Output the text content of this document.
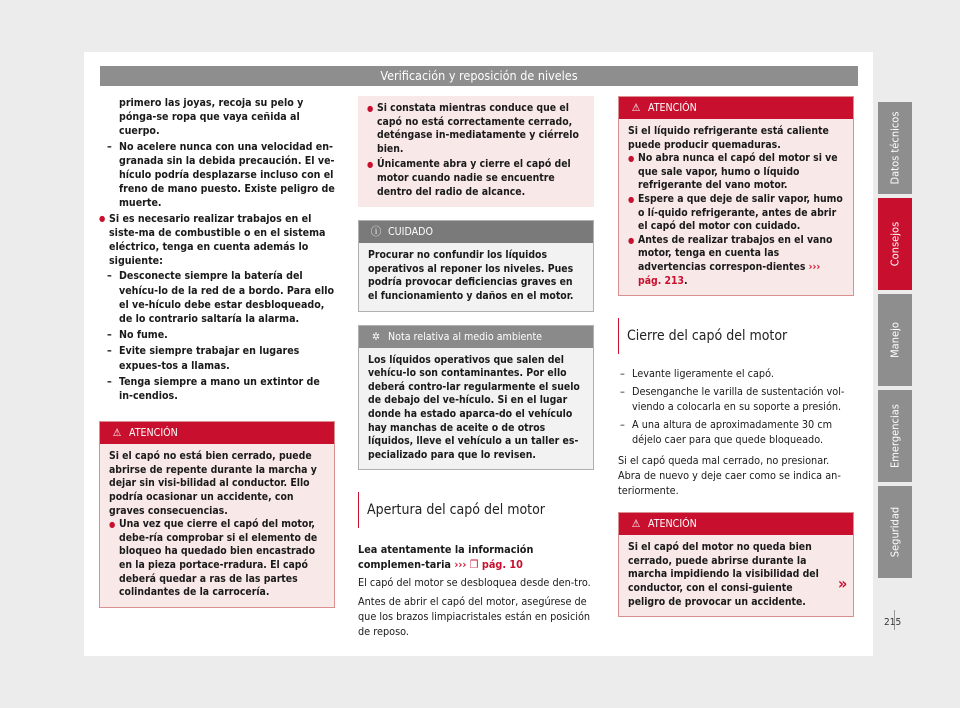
Verificación y reposición de niveles
primero las joyas, recoja su pelo y pónga-se ropa que vaya ceñida al cuerpo.
– No acelere nunca con una velocidad en-granada sin la debida precaución. El ve-hículo podría desplazarse incluso con el freno de mano puesto. Existe peligro de muerte.
● Si es necesario realizar trabajos en el siste-ma de combustible o en el sistema eléctrico, tenga en cuenta además lo siguiente:
– Desconecte siempre la batería del vehícu-lo de la red de a bordo. Para ello el ve-hículo debe estar desbloqueado, de lo contrario saltaría la alarma.
– No fume.
– Evite siempre trabajar en lugares expues-tos a llamas.
– Tenga siempre a mano un extintor de in-cendios.
⚠ ATENCIÓN
Si el capó no está bien cerrado, puede abrirse de repente durante la marcha y dejar sin visi-bilidad al conductor. Ello podría ocasionar un accidente, con graves consecuencias.
● Una vez que cierre el capó del motor, debe-ría comprobar si el elemento de bloqueo ha quedado bien encastrado en la pieza portace-rradura. El capó deberá quedar a ras de las partes colindantes de la carrocería.
● Si constata mientras conduce que el capó no está correctamente cerrado, deténgase in-mediatamente y ciérrelo bien.
● Únicamente abra y cierre el capó del motor cuando nadie se encuentre dentro del radio de alcance.
ⓘ CUIDADO
Procurar no confundir los líquidos operativos al reponer los niveles. Pues podría provocar deficiencias graves en el funcionamiento y daños en el motor.
✲ Nota relativa al medio ambiente
Los líquidos operativos que salen del vehícu-lo son contaminantes. Por ello deberá contro-lar regularmente el suelo de debajo del ve-hículo. Si en el lugar donde ha estado aparca-do el vehículo hay manchas de aceite o de otros líquidos, lleve el vehículo a un taller es-pecializado para que lo revisen.
Apertura del capó del motor
Lea atentamente la información complemen-taria ››› ❐ pág. 10
El capó del motor se desbloquea desde den-tro.
Antes de abrir el capó del motor, asegúrese de que los brazos limpiacristales están en posición de reposo.
⚠ ATENCIÓN
Si el líquido refrigerante está caliente puede producir quemaduras.
● No abra nunca el capó del motor si ve que sale vapor, humo o líquido refrigerante del vano motor.
● Espere a que deje de salir vapor, humo o lí-quido refrigerante, antes de abrir el capó del motor con cuidado.
● Antes de realizar trabajos en el vano motor, tenga en cuenta las advertencias correspon-dientes ››› pág. 213.
Cierre del capó del motor
– Levante ligeramente el capó.
– Desenganche le varilla de sustentación vol-viendo a colocarla en su soporte a presión.
– A una altura de aproximadamente 30 cm déjelo caer para que quede bloqueado.
Si el capó queda mal cerrado, no presionar. Abra de nuevo y deje caer como se indica an-teriormente.
⚠ ATENCIÓN
Si el capó del motor no queda bien cerrado, puede abrirse durante la marcha impidiendo la visibilidad del conductor, con el consi-guiente peligro de provocar un accidente.
»
Datos técnicos
Consejos
Manejo
Emergencias
Seguridad
215
